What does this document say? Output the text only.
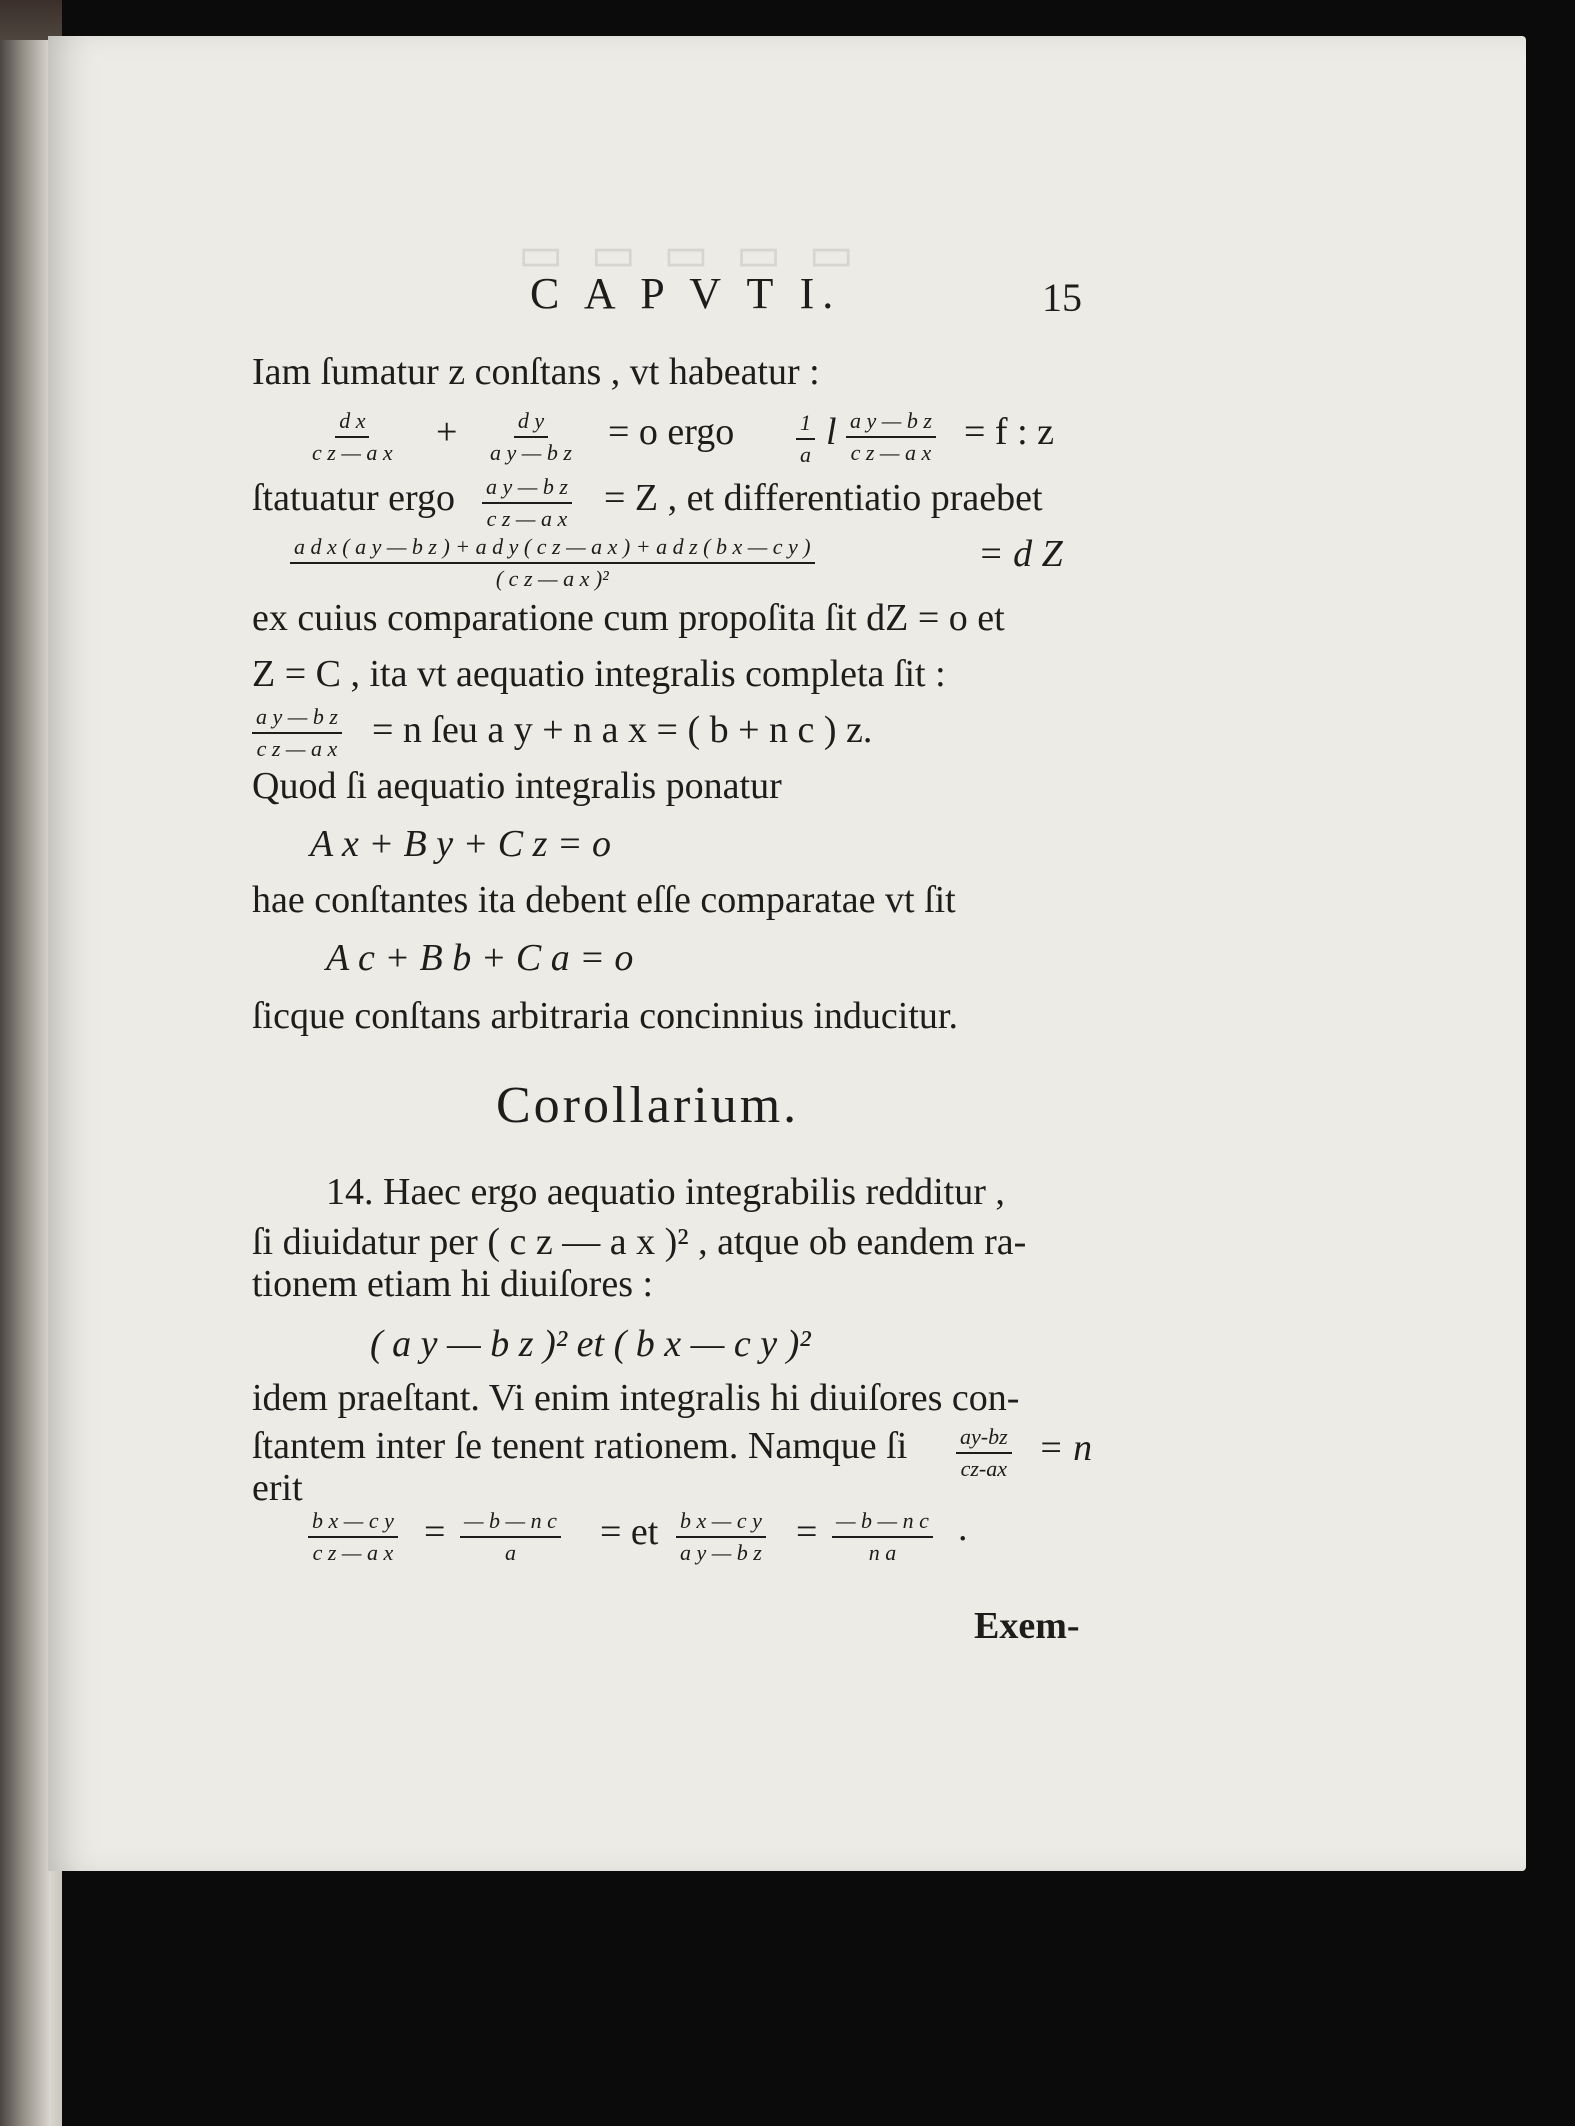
▭ ▭ ▭ ▭ ▭
C A P V T I.	15
Iam ſumatur z conſtans , vt habeatur :
$\frac{\text{d x}}{\text{c z — a x}} + \frac{\text{d y}}{\text{a y — b z}} = o$ ergo	$\frac{1}{a}$ l $\frac{\text{a y — b z}}{\text{c z — a x}} = f$ : z
ſtatuatur ergo $\frac{\text{a y — b z}}{\text{c z — a x}} = Z$ , et differentiatio praebet
a d x ( a y — b z ) + a d y ( c z — a x ) + a d z ( b x — c y )
( c z — a x )²
= d Z
ex cuius comparatione cum propoſita ſit dZ = o et
Z = C , ita vt aequatio integralis completa ſit :
$\frac{\text{a y — b z}}{\text{c z — a x}} = n$ ſeu a y + n a x = ( b + n c ) z.
Quod ſi aequatio integralis ponatur
A x + B y + C z = o
hae conſtantes ita debent eſſe comparatae vt ſit
A c + B b + C a = o
ſicque conſtans arbitraria concinnius inducitur.
Corollarium.
14. Haec ergo aequatio integrabilis redditur ,
ſi diuidatur per ( c z — a x )² , atque ob eandem ra-
tionem etiam hi diuiſores :
( a y — b z )² et ( b x — c y )²
idem praeſtant. Vi enim integralis hi diuiſores con-
ſtantem inter ſe tenent rationem. Namque ſi $\frac{ay-bz}{cz-ax} = n$
erit
$\frac{\text{b x — c y}}{\text{c z — a x}} = \frac{\text{— b — n c}}{a}$ = et $\frac{\text{b x — c y}}{\text{a y — b z}} = \frac{\text{— b — n c}}{\text{n a}}$ .
Exem-
